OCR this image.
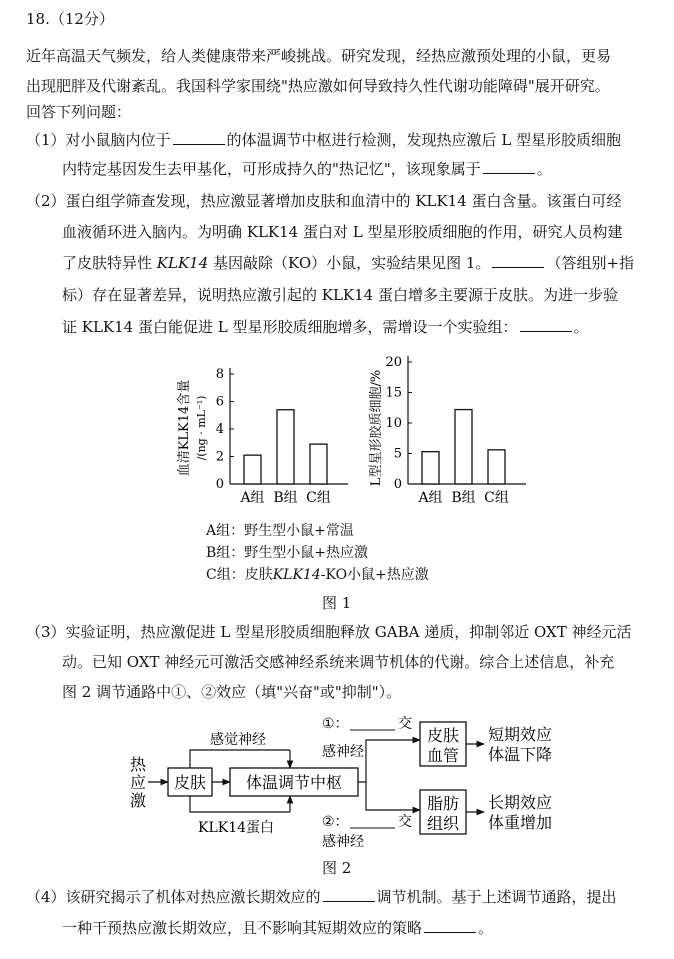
18.（12分）
近年高温天气频发，给人类健康带来严峻挑战。研究发现，经热应激预处理的小鼠，更易
出现肥胖及代谢紊乱。我国科学家围绕"热应激如何导致持久性代谢功能障碍"展开研究。
回答下列问题：
（1）对小鼠脑内位于	的体温调节中枢进行检测，发现热应激后 L 型星形胶质细胞
内特定基因发生去甲基化，可形成持久的"热记忆"，该现象属于	。
（2）蛋白组学筛查发现，热应激显著增加皮肤和血清中的 KLK14 蛋白含量。该蛋白可经
血液循环进入脑内。为明确 KLK14 蛋白对 L 型星形胶质细胞的作用，研究人员构建
了皮肤特异性 KLK14 基因敲除（KO）小鼠，实验结果见图 1。	（答组别+指
标）存在显著差异，说明热应激引起的 KLK14 蛋白增多主要源于皮肤。为进一步验
证 KLK14 蛋白能促进 L 型星形胶质细胞增多，需增设一个实验组：	。
血清KLK14含量 /(ng · mL⁻¹)
0
2
4
6
8
A组 B组 C组
L型星形胶质细胞/% 0
5
10
15
20
A组 B组 C组
A组：野生型小鼠+常温
B组：野生型小鼠+热应激
C组：皮肤KLK14-KO小鼠+热应激
图 1
（3）实验证明，热应激促进 L 型星形胶质细胞释放 GABA 递质，抑制邻近 OXT 神经元活
动。已知 OXT 神经元可激活交感神经系统来调节机体的代谢。综合上述信息，补充
图 2 调节通路中①、②效应（填"兴奋"或"抑制"）。
热
应
激
皮肤 体温调节中枢
感觉神经
KLK14蛋白
①：	交
感神经
②：	交
感神经
皮肤
血管
脂肪
组织
短期效应
体温下降
长期效应
体重增加
图 2
（4）该研究揭示了机体对热应激长期效应的	调节机制。基于上述调节通路，提出
一种干预热应激长期效应，且不影响其短期效应的策略	。
